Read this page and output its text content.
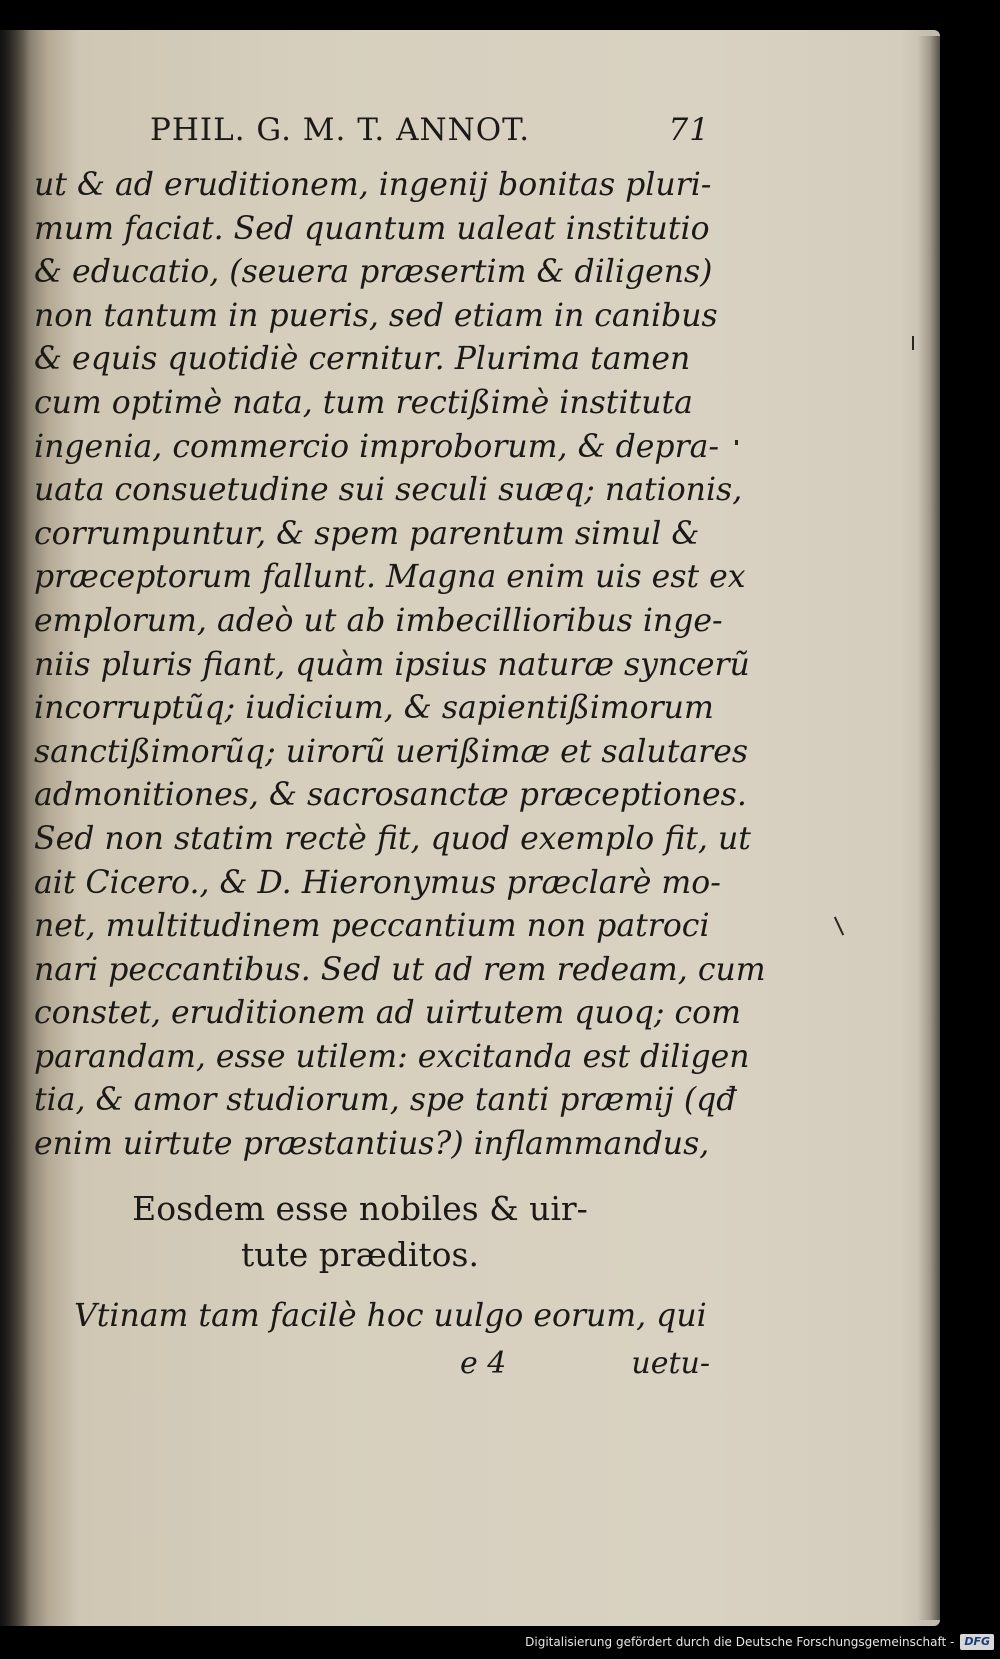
PHIL. G. M. T. ANNOT.	71
ut & ad eruditionem, ingenij bonitas pluri-
mum faciat. Sed quantum ualeat institutio
& educatio, (seuera præsertim & diligens)
non tantum in pueris, sed etiam in canibus
& equis quotidiè cernitur. Plurima tamen
cum optimè nata, tum rectißimè instituta
ingenia, commercio improborum, & depra-
uata consuetudine sui seculi suæq; nationis,
corrumpuntur, & spem parentum simul &
præceptorum fallunt. Magna enim uis est ex
emplorum, adeò ut ab imbecillioribus inge-
niis pluris fiant, quàm ipsius naturæ syncerũ
incorruptũq; iudicium, & sapientißimorum
sanctißimorũq; uirorũ uerißimæ et salutares
admonitiones, & sacrosanctæ præceptiones.
Sed non statim rectè fit, quod exemplo fit, ut
ait Cicero., & D. Hieronymus præclarè mo-
net, multitudinem peccantium non patroci
nari peccantibus. Sed ut ad rem redeam, cum
constet, eruditionem ad uirtutem quoq; com
parandam, esse utilem: excitanda est diligen
tia, & amor studiorum, spe tanti præmij (qđ
enim uirtute præstantius?) inflammandus,
Eosdem esse nobiles & uir-
tute præditos.
Vtinam tam facilè hoc uulgo eorum, qui
e 4	uetu-
Digitalisierung gefördert durch die Deutsche Forschungsgemeinschaft - DFG
